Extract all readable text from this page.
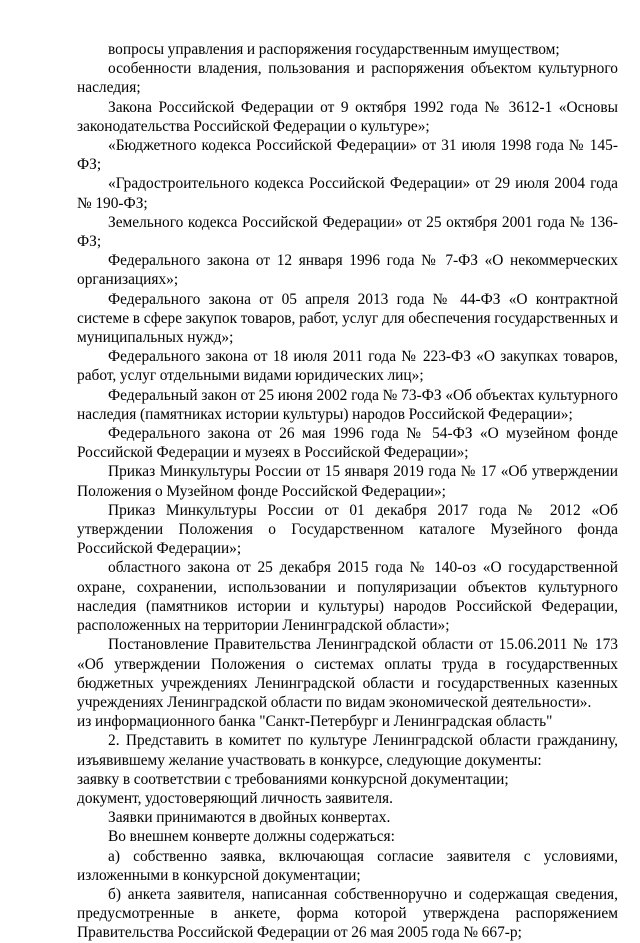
вопросы управления и распоряжения государственным имуществом;

особенности владения, пользования и распоряжения объектом культурного наследия;

Закона Российской Федерации от 9 октября 1992 года № 3612-1 «Основы законодательства Российской Федерации о культуре»;

«Бюджетного кодекса Российской Федерации» от 31 июля 1998 года № 145-ФЗ;

«Градостроительного кодекса Российской Федерации» от 29 июля 2004 года № 190-ФЗ;

Земельного кодекса Российской Федерации» от 25 октября 2001 года № 136-ФЗ;

Федерального закона от 12 января 1996 года № 7-ФЗ «О некоммерческих организациях»;

Федерального закона от 05 апреля 2013 года № 44-ФЗ «О контрактной системе в сфере закупок товаров, работ, услуг для обеспечения государственных и муниципальных нужд»;

Федерального закона от 18 июля 2011 года № 223-ФЗ «О закупках товаров, работ, услуг отдельными видами юридических лиц»;

Федеральный закон от 25 июня 2002 года № 73-ФЗ «Об объектах культурного наследия (памятниках истории культуры) народов Российской Федерации»;

Федерального закона от 26 мая 1996 года № 54-ФЗ «О музейном фонде Российской Федерации и музеях в Российской Федерации»;

Приказ Минкультуры России от 15 января 2019 года № 17 «Об утверждении Положения о Музейном фонде Российской Федерации»;

Приказ Минкультуры России от 01 декабря 2017 года № 2012 «Об утверждении Положения о Государственном каталоге Музейного фонда Российской Федерации»;

областного закона от 25 декабря 2015 года № 140-оз «О государственной охране, сохранении, использовании и популяризации объектов культурного наследия (памятников истории и культуры) народов Российской Федерации, расположенных на территории Ленинградской области»;

Постановление Правительства Ленинградской области от 15.06.2011 № 173 «Об утверждении Положения о системах оплаты труда в государственных бюджетных учреждениях Ленинградской области и государственных казенных учреждениях Ленинградской области по видам экономической деятельности».

из информационного банка "Санкт-Петербург и Ленинградская область"

2. Представить в комитет по культуре Ленинградской области гражданину, изъявившему желание участвовать в конкурсе, следующие документы:

заявку в соответствии с требованиями конкурсной документации;

документ, удостоверяющий личность заявителя.

Заявки принимаются в двойных конвертах.

Во внешнем конверте должны содержаться:

а) собственно заявка, включающая согласие заявителя с условиями, изложенными в конкурсной документации;

б) анкета заявителя, написанная собственноручно и содержащая сведения, предусмотренные в анкете, форма которой утверждена распоряжением Правительства Российской Федерации от 26 мая 2005 года № 667-р;
